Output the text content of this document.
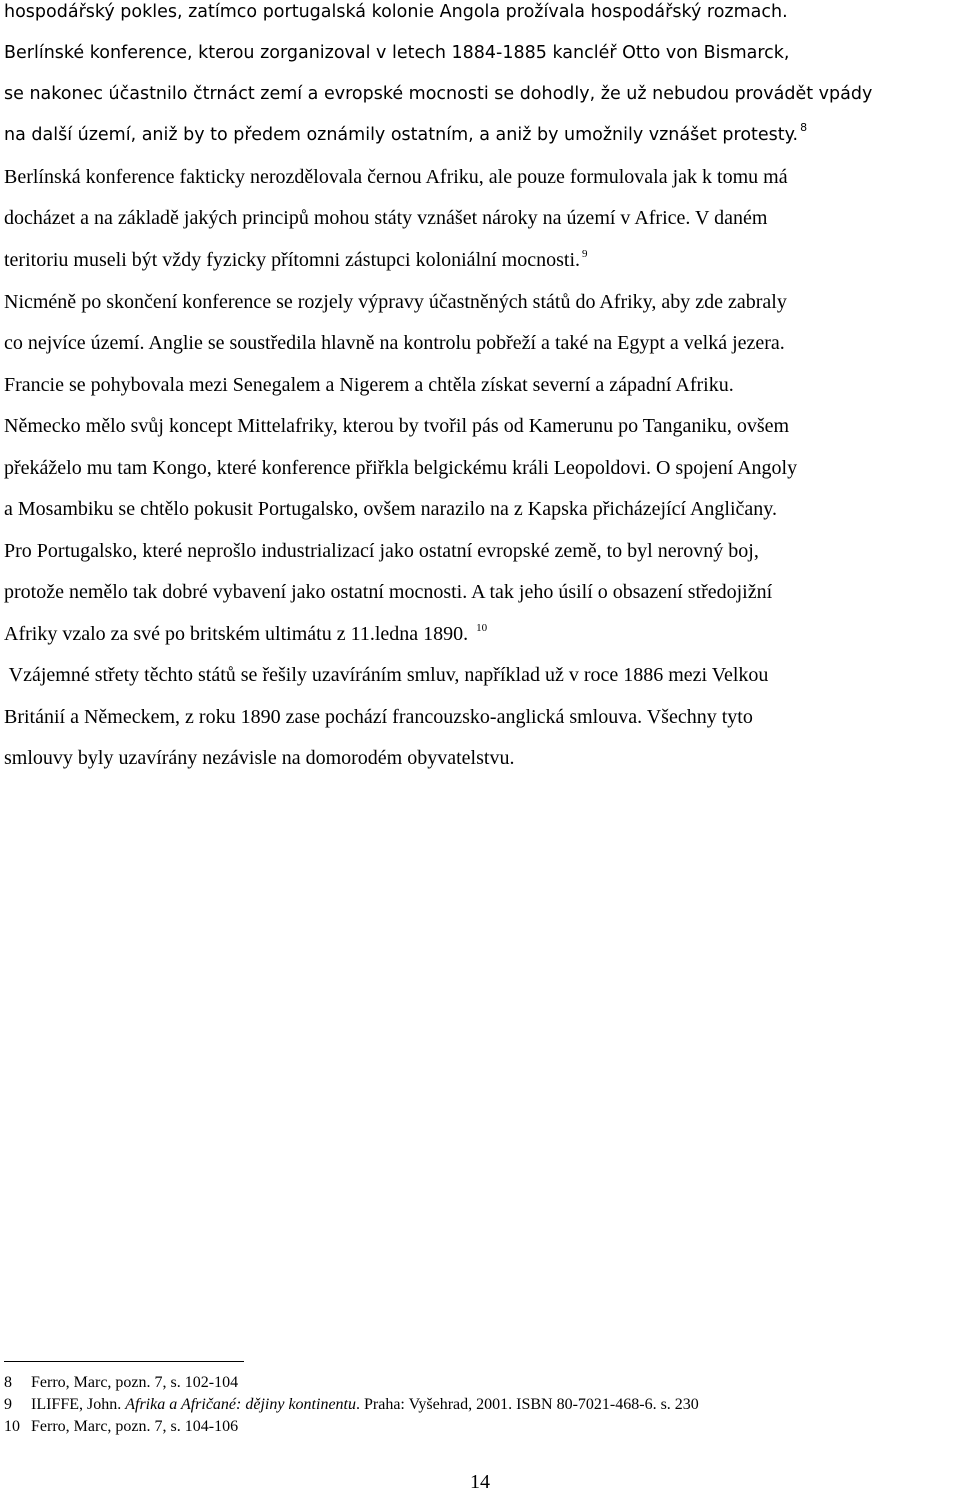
hospodářský pokles, zatímco portugalská kolonie Angola prožívala hospodářský rozmach.
Berlínské konference, kterou zorganizoval v letech 1884-1885 kancléř Otto von Bismarck,
se nakonec účastnilo čtrnáct zemí a evropské mocnosti se dohodly, že už nebudou provádět vpády
na další území, aniž by to předem oznámily ostatním, a aniž by umožnily vznášet protesty. $^8$
Berlínská konference fakticky nerozdělovala černou Afriku, ale pouze formulovala jak k tomu má
docházet a na základě jakých principů mohou státy vznášet nároky na území v Africe. V daném
teritoriu museli být vždy fyzicky přítomni zástupci koloniální mocnosti. $^9$
Nicméně po skončení konference se rozjely výpravy účastněných států do Afriky, aby zde zabraly
co nejvíce území. Anglie se soustředila hlavně na kontrolu pobřeží a také na Egypt a velká jezera.
Francie se pohybovala mezi Senegalem a Nigerem a chtěla získat severní a západní Afriku.
Německo mělo svůj koncept Mittelafriky, kterou by tvořil pás od Kamerunu po Tanganiku, ovšem
překáželo mu tam Kongo, které konference přiřkla belgickému králi Leopoldovi. O spojení Angoly
a Mosambiku se chtělo pokusit Portugalsko, ovšem narazilo na z Kapska přicházející Angličany.
Pro Portugalsko, které neprošlo industrializací jako ostatní evropské země, to byl nerovný boj,
protože nemělo tak dobré vybavení jako ostatní mocnosti. A tak jeho úsilí o obsazení středojižní
Afriky vzalo za své po britském ultimátu z 11.ledna 1890. $^{10}$
Vzájemné střety těchto států se řešily uzavíráním smluv, například už v roce 1886 mezi Velkou
Británií a Německem, z roku 1890 zase pochází francouzsko-anglická smlouva. Všechny tyto
smlouvy byly uzavírány nezávisle na domorodém obyvatelstvu.
8 Ferro, Marc, pozn. 7, s. 102-104
9 ILIFFE, John. Afrika a Afričané: dějiny kontinentu. Praha: Vyšehrad, 2001. ISBN 80-7021-468-6. s. 230
10 Ferro, Marc, pozn. 7, s. 104-106
14
